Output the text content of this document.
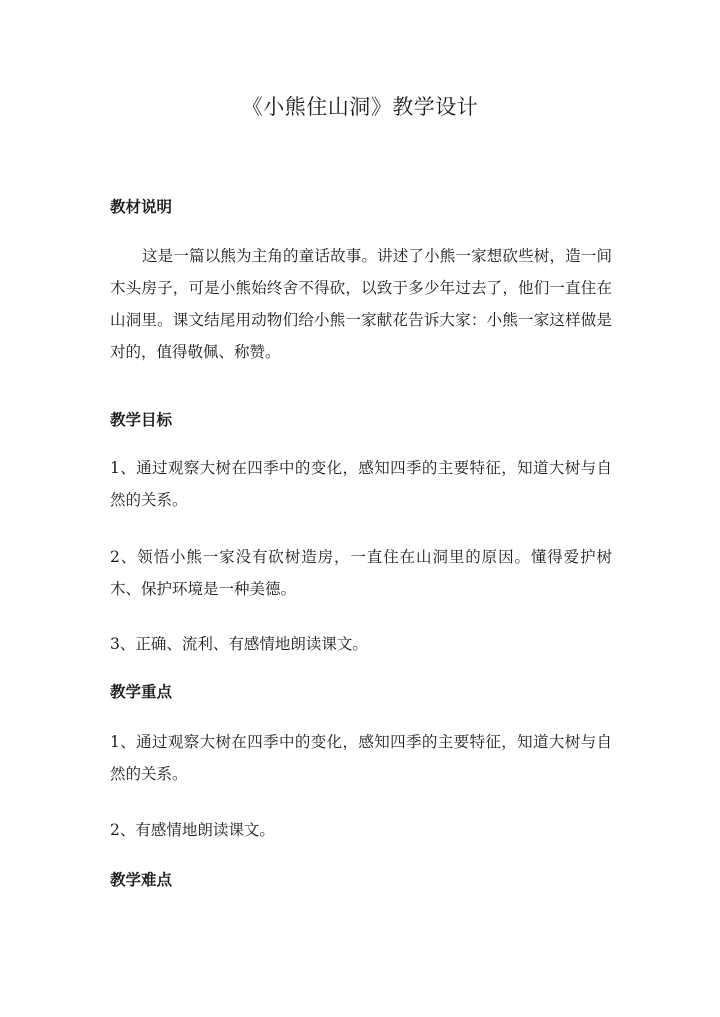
《小熊住山洞》教学设计
教材说明
这是一篇以熊为主角的童话故事。讲述了小熊一家想砍些树，造一间木头房子，可是小熊始终舍不得砍，以致于多少年过去了，他们一直住在山洞里。课文结尾用动物们给小熊一家献花告诉大家：小熊一家这样做是对的，值得敬佩、称赞。
教学目标
1、通过观察大树在四季中的变化，感知四季的主要特征，知道大树与自然的关系。
2、领悟小熊一家没有砍树造房，一直住在山洞里的原因。懂得爱护树木、保护环境是一种美德。
3、正确、流利、有感情地朗读课文。
教学重点
1、通过观察大树在四季中的变化，感知四季的主要特征，知道大树与自然的关系。
2、有感情地朗读课文。
教学难点
